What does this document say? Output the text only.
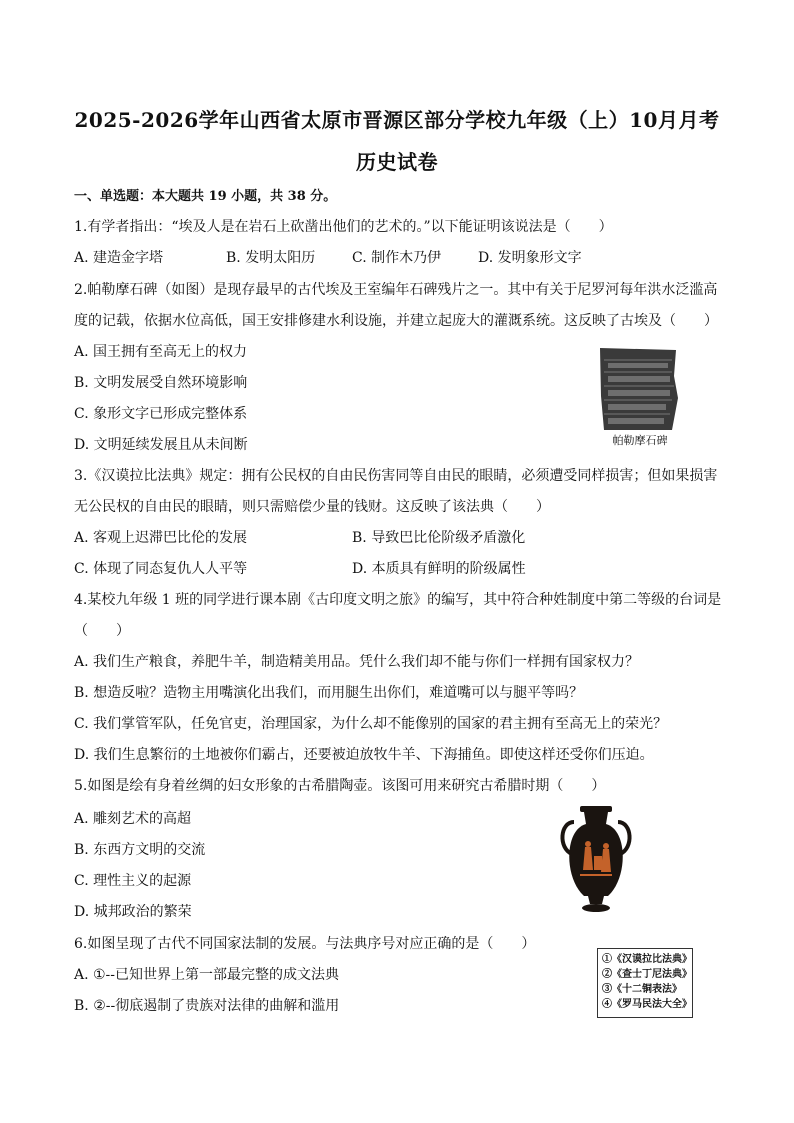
2025-2026学年山西省太原市晋源区部分学校九年级（上）10月月考
历史试卷
一、单选题：本大题共 19 小题，共 38 分。
1.有学者指出：“埃及人是在岩石上砍凿出他们的艺术的。”以下能证明该说法是（　　）
A. 建造金字塔	B. 发明太阳历	C. 制作木乃伊	D. 发明象形文字
2.帕勒摩石碑（如图）是现存最早的古代埃及王室编年石碑残片之一。其中有关于尼罗河每年洪水泛滥高
度的记载，依据水位高低，国王安排修建水利设施，并建立起庞大的灌溉系统。这反映了古埃及（　　）
A. 国王拥有至高无上的权力
B. 文明发展受自然环境影响
C. 象形文字已形成完整体系
D. 文明延续发展且从未间断	帕勒摩石碑
3.《汉谟拉比法典》规定：拥有公民权的自由民伤害同等自由民的眼睛，必须遭受同样损害；但如果损害
无公民权的自由民的眼睛，则只需赔偿少量的钱财。这反映了该法典（　　）
A. 客观上迟滞巴比伦的发展	B. 导致巴比伦阶级矛盾激化
C. 体现了同态复仇人人平等	D. 本质具有鲜明的阶级属性
4.某校九年级 1 班的同学进行课本剧《古印度文明之旅》的编写，其中符合种姓制度中第二等级的台词是
（　　）
A. 我们生产粮食，养肥牛羊，制造精美用品。凭什么我们却不能与你们一样拥有国家权力？
B. 想造反啦？造物主用嘴演化出我们，而用腿生出你们，难道嘴可以与腿平等吗？
C. 我们掌管军队，任免官吏，治理国家，为什么却不能像别的国家的君主拥有至高无上的荣光？
D. 我们生息繁衍的土地被你们霸占，还要被迫放牧牛羊、下海捕鱼。即使这样还受你们压迫。
5.如图是绘有身着丝绸的妇女形象的古希腊陶壶。该图可用来研究古希腊时期（　　）
A. 雕刻艺术的高超
B. 东西方文明的交流
C. 理性主义的起源
D. 城邦政治的繁荣
6.如图呈现了古代不同国家法制的发展。与法典序号对应正确的是（　　）
A. ①--已知世界上第一部最完整的成文法典
B. ②--彻底遏制了贵族对法律的曲解和滥用
①《汉谟拉比法典》
②《查士丁尼法典》
③《十二铜表法》
④《罗马民法大全》
